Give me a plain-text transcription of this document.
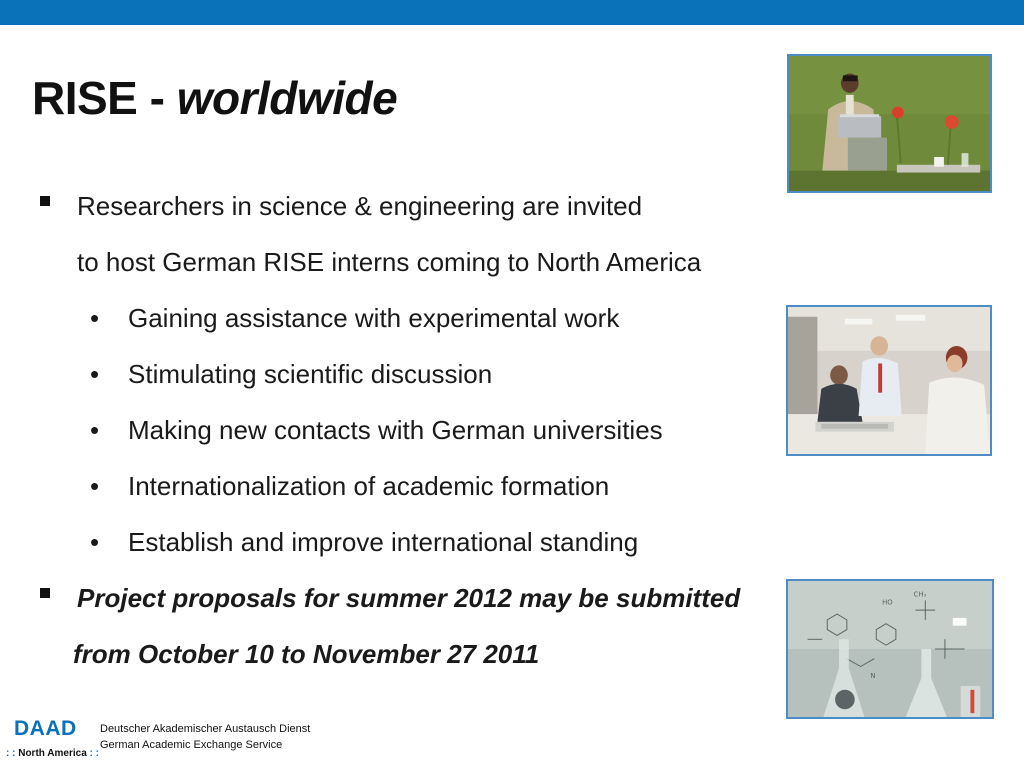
RISE - worldwide
Researchers in science & engineering are invited
to host German RISE interns coming to North America
• Gaining assistance with experimental work
• Stimulating scientific discussion
• Making new contacts with German universities
• Internationalization of academic formation
• Establish and improve international standing
Project proposals for summer 2012 may be submitted
from October 10 to November 27 2011
HO
CH₃
N
DAAD
: : North America : :
Deutscher Akademischer Austausch Dienst
German Academic Exchange Service
